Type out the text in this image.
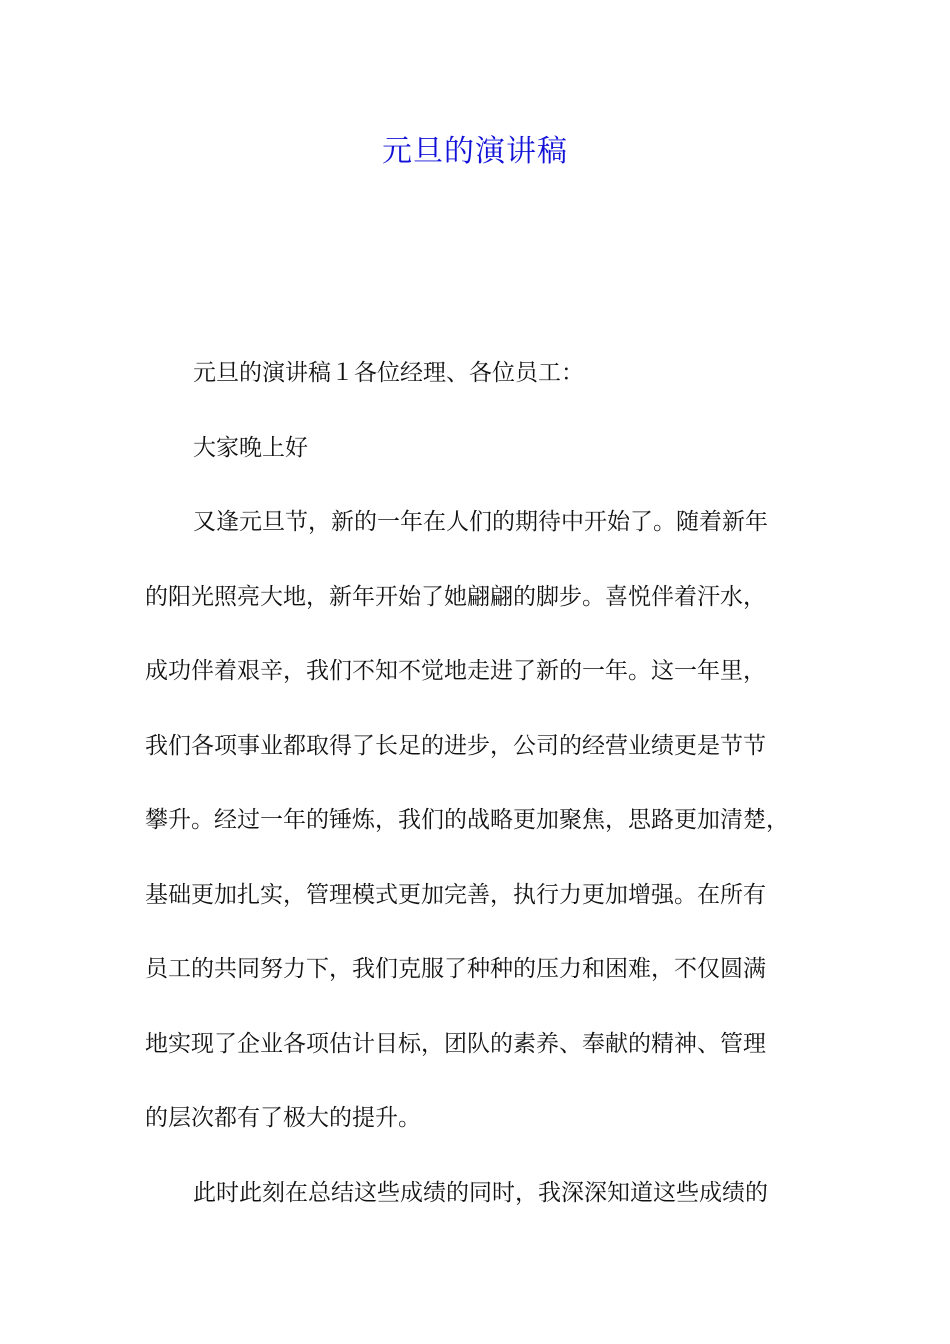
元旦的演讲稿
元旦的演讲稿１各位经理、各位员工：
大家晚上好
又逢元旦节，新的一年在人们的期待中开始了。随着新年
的阳光照亮大地，新年开始了她翩翩的脚步。喜悦伴着汗水，
成功伴着艰辛，我们不知不觉地走进了新的一年。这一年里，
我们各项事业都取得了长足的进步，公司的经营业绩更是节节
攀升。经过一年的锤炼，我们的战略更加聚焦，思路更加清楚，
基础更加扎实，管理模式更加完善，执行力更加增强。在所有
员工的共同努力下，我们克服了种种的压力和困难，不仅圆满
地实现了企业各项估计目标，团队的素养、奉献的精神、管理
的层次都有了极大的提升。
此时此刻在总结这些成绩的同时，我深深知道这些成绩的
